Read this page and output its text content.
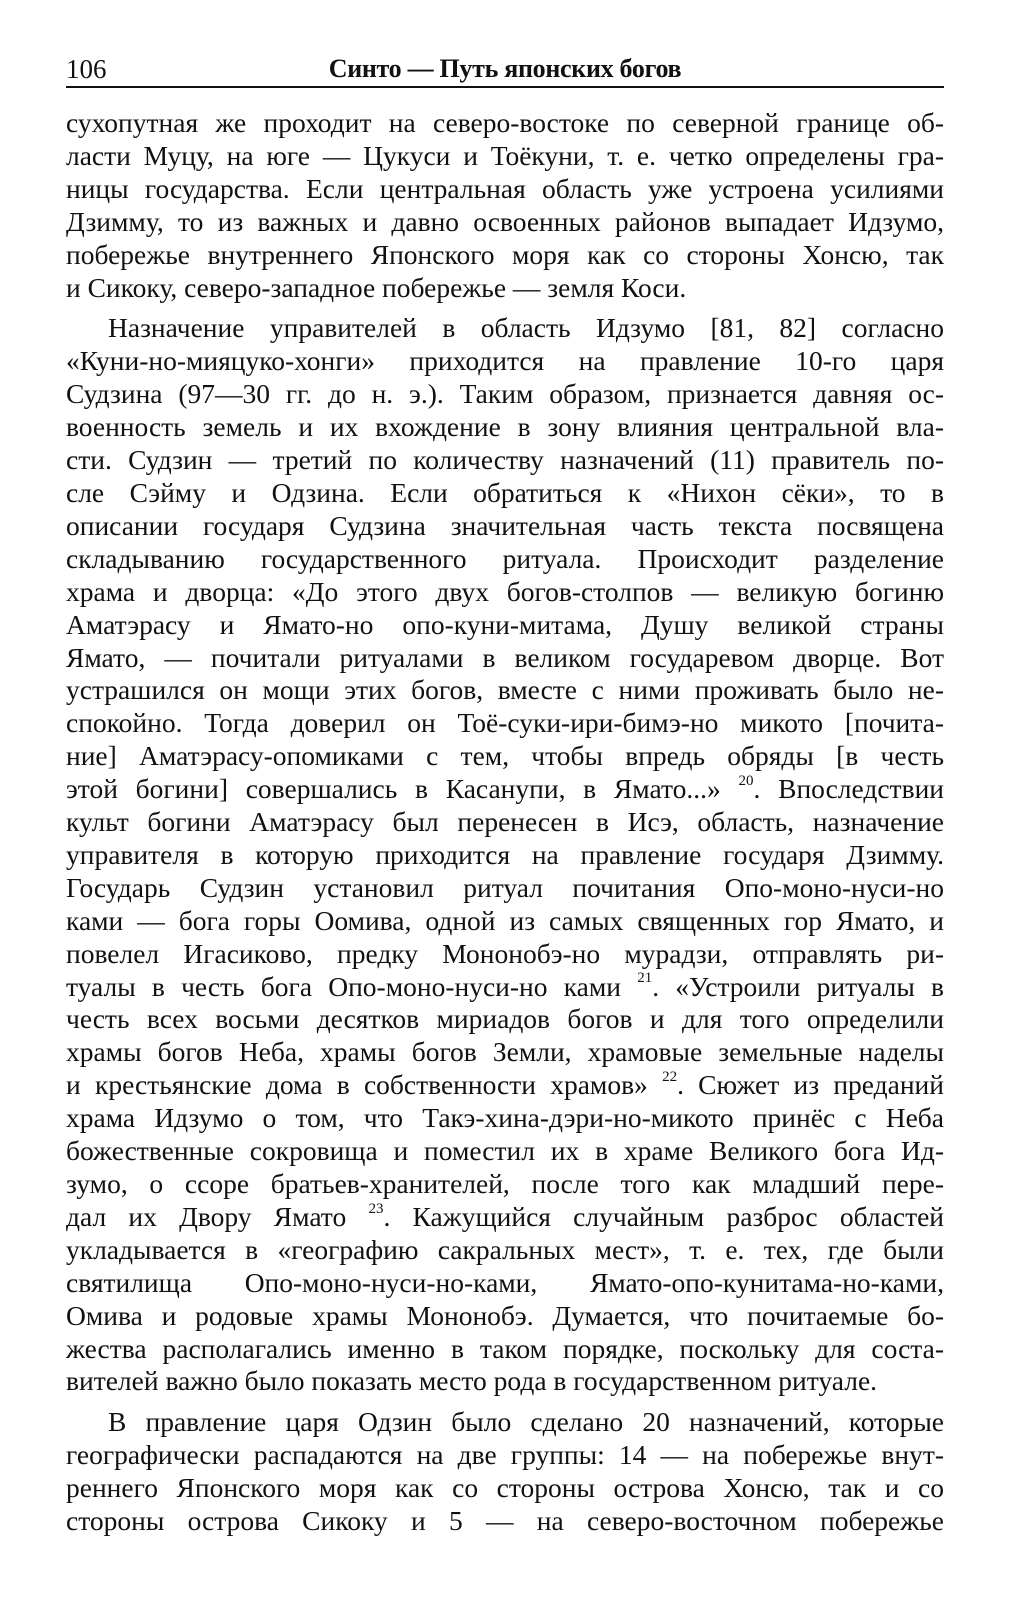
106	Синто — Путь японских богов
сухопутная же проходит на северо-востоке по северной границе об-
ласти Муцу, на юге — Цукуси и Тоёкуни, т. е. четко определены гра-
ницы государства. Если центральная область уже устроена усилиями
Дзимму, то из важных и давно освоенных районов выпадает Идзумо,
побережье внутреннего Японского моря как со стороны Хонсю, так
и Сикоку, северо-западное побережье — земля Коси.
Назначение управителей в область Идзумо [81, 82] согласно
«Куни-но-мияцуко-хонги» приходится на правление 10-го царя
Судзина (97—30 гг. до н. э.). Таким образом, признается давняя ос-
военность земель и их вхождение в зону влияния центральной вла-
сти. Судзин — третий по количеству назначений (11) правитель по-
сле Сэйму и Одзина. Если обратиться к «Нихон сёки», то в
описании государя Судзина значительная часть текста посвящена
складыванию государственного ритуала. Происходит разделение
храма и дворца: «До этого двух богов-столпов — великую богиню
Аматэрасу и Ямато-но опо-куни-митама, Душу великой страны
Ямато, — почитали ритуалами в великом государевом дворце. Вот
устрашился он мощи этих богов, вместе с ними проживать было не-
спокойно. Тогда доверил он Тоё-суки-ири-бимэ-но микото [почита-
ние] Аматэрасу-опомиками с тем, чтобы впредь обряды [в честь
этой богини] совершались в Касанупи, в Ямато...» $^{20}$. Впоследствии
культ богини Аматэрасу был перенесен в Исэ, область, назначение
управителя в которую приходится на правление государя Дзимму.
Государь Судзин установил ритуал почитания Опо-моно-нуси-но
ками — бога горы Оомива, одной из самых священных гор Ямато, и
повелел Игасиково, предку Мононобэ-но мурадзи, отправлять ри-
туалы в честь бога Опо-моно-нуси-но ками $^{21}$. «Устроили ритуалы в
честь всех восьми десятков мириадов богов и для того определили
храмы богов Неба, храмы богов Земли, храмовые земельные наделы
и крестьянские дома в собственности храмов» $^{22}$. Сюжет из преданий
храма Идзумо о том, что Такэ-хина-дэри-но-микото принёс с Неба
божественные сокровища и поместил их в храме Великого бога Ид-
зумо, о ссоре братьев-хранителей, после того как младший пере-
дал их Двору Ямато $^{23}$. Кажущийся случайным разброс областей
укладывается в «географию сакральных мест», т. е. тех, где были
святилища Опо-моно-нуси-но-ками, Ямато-опо-кунитама-но-ками,
Омива и родовые храмы Мононобэ. Думается, что почитаемые бо-
жества располагались именно в таком порядке, поскольку для соста-
вителей важно было показать место рода в государственном ритуале.
В правление царя Одзин было сделано 20 назначений, которые
географически распадаются на две группы: 14 — на побережье внут-
реннего Японского моря как со стороны острова Хонсю, так и со
стороны острова Сикоку и 5 — на северо-восточном побережье
